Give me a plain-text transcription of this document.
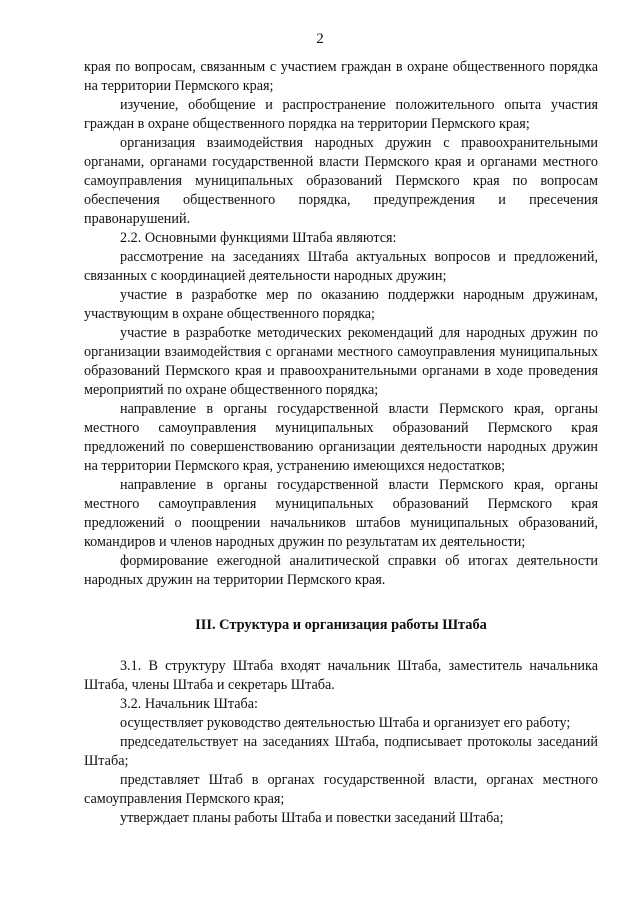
2

края по вопросам, связанным с участием граждан в охране общественного порядка на территории Пермского края;

изучение, обобщение и распространение положительного опыта участия граждан в охране общественного порядка на территории Пермского края;

организация взаимодействия народных дружин с правоохранительными органами, органами государственной власти Пермского края и органами местного самоуправления муниципальных образований Пермского края по вопросам обеспечения общественного порядка, предупреждения и пресечения правонарушений.

2.2. Основными функциями Штаба являются:

рассмотрение на заседаниях Штаба актуальных вопросов и предложений, связанных с координацией деятельности народных дружин;

участие в разработке мер по оказанию поддержки народным дружинам, участвующим в охране общественного порядка;

участие в разработке методических рекомендаций для народных дружин по организации взаимодействия с органами местного самоуправления муниципальных образований Пермского края и правоохранительными органами в ходе проведения мероприятий по охране общественного порядка;

направление в органы государственной власти Пермского края, органы местного самоуправления муниципальных образований Пермского края предложений по совершенствованию организации деятельности народных дружин на территории Пермского края, устранению имеющихся недостатков;

направление в органы государственной власти Пермского края, органы местного самоуправления муниципальных образований Пермского края предложений о поощрении начальников штабов муниципальных образований, командиров и членов народных дружин по результатам их деятельности;

формирование ежегодной аналитической справки об итогах деятельности народных дружин на территории Пермского края.

III. Структура и организация работы Штаба

3.1. В структуру Штаба входят начальник Штаба, заместитель начальника Штаба, члены Штаба и секретарь Штаба.

3.2. Начальник Штаба:

осуществляет руководство деятельностью Штаба и организует его работу;

председательствует на заседаниях Штаба, подписывает протоколы заседаний Штаба;

представляет Штаб в органах государственной власти, органах местного самоуправления Пермского края;

утверждает планы работы Штаба и повестки заседаний Штаба;
